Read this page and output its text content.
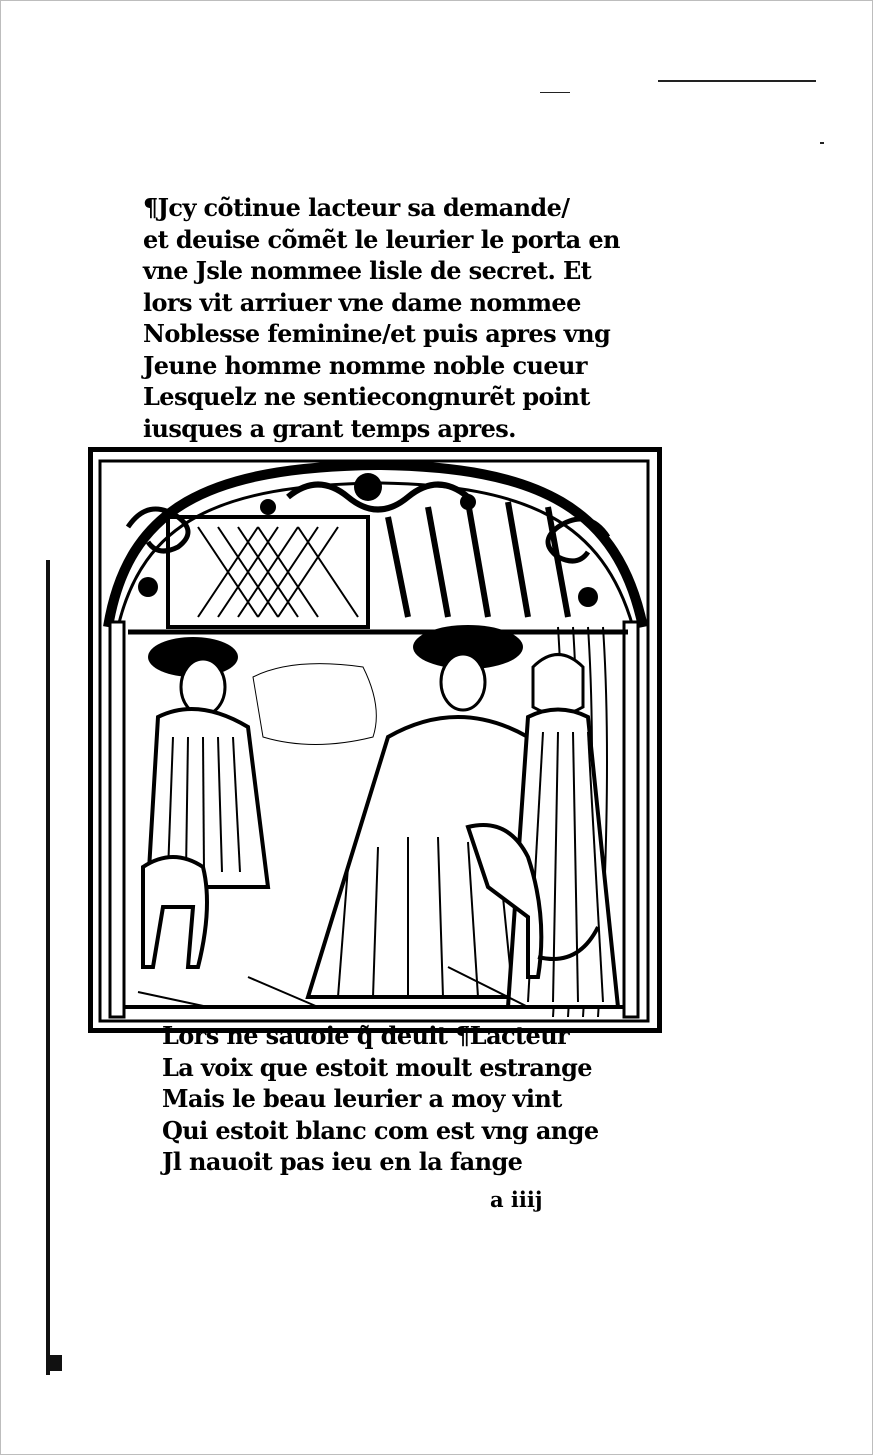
¶Jcy cõtinue lacteur sa demande/
et deuise cõmẽt le leurier le porta en
vne Jsle nommee lisle de secret. Et
lors vit arriuer vne dame nommee
Noblesse feminine/et puis apres vng
Jeune homme nomme noble cueur
Lesquelz ne sentiecongnurẽt point
iusques a grant temps apres.
Lors ne sauoie q̃ deuit ¶Lacteur
La voix que estoit moult estrange
Mais le beau leurier a moy vint
Qui estoit blanc com est vng ange
Jl nauoit pas ieu en la fange
a iiij
